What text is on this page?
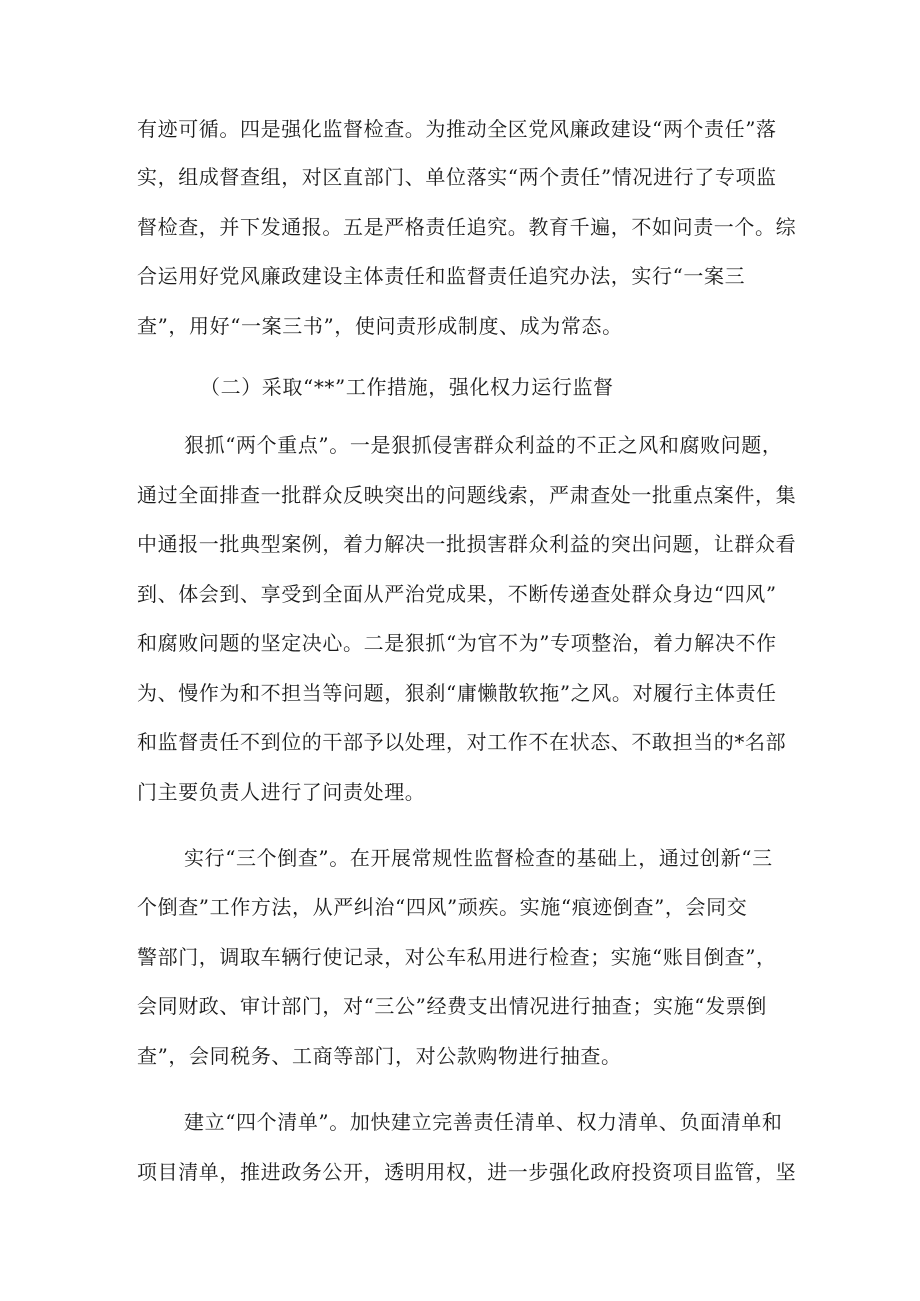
有迹可循。四是强化监督检查。为推动全区党风廉政建设“两个责任”落
实，组成督查组，对区直部门、单位落实“两个责任”情况进行了专项监
督检查，并下发通报。五是严格责任追究。教育千遍，不如问责一个。综
合运用好党风廉政建设主体责任和监督责任追究办法，实行“一案三
查”，用好“一案三书”，使问责形成制度、成为常态。
（二）采取“**”工作措施，强化权力运行监督
狠抓“两个重点”。一是狠抓侵害群众利益的不正之风和腐败问题，
通过全面排查一批群众反映突出的问题线索，严肃查处一批重点案件，集
中通报一批典型案例，着力解决一批损害群众利益的突出问题，让群众看
到、体会到、享受到全面从严治党成果，不断传递查处群众身边“四风”
和腐败问题的坚定决心。二是狠抓“为官不为”专项整治，着力解决不作
为、慢作为和不担当等问题，狠刹“庸懒散软拖”之风。对履行主体责任
和监督责任不到位的干部予以处理，对工作不在状态、不敢担当的*名部
门主要负责人进行了问责处理。
实行“三个倒查”。在开展常规性监督检查的基础上，通过创新“三
个倒查”工作方法，从严纠治“四风”顽疾。实施“痕迹倒查”，会同交
警部门，调取车辆行使记录，对公车私用进行检查；实施“账目倒查”，
会同财政、审计部门，对“三公”经费支出情况进行抽查；实施“发票倒
查”，会同税务、工商等部门，对公款购物进行抽查。
建立“四个清单”。加快建立完善责任清单、权力清单、负面清单和
项目清单，推进政务公开，透明用权，进一步强化政府投资项目监管，坚
